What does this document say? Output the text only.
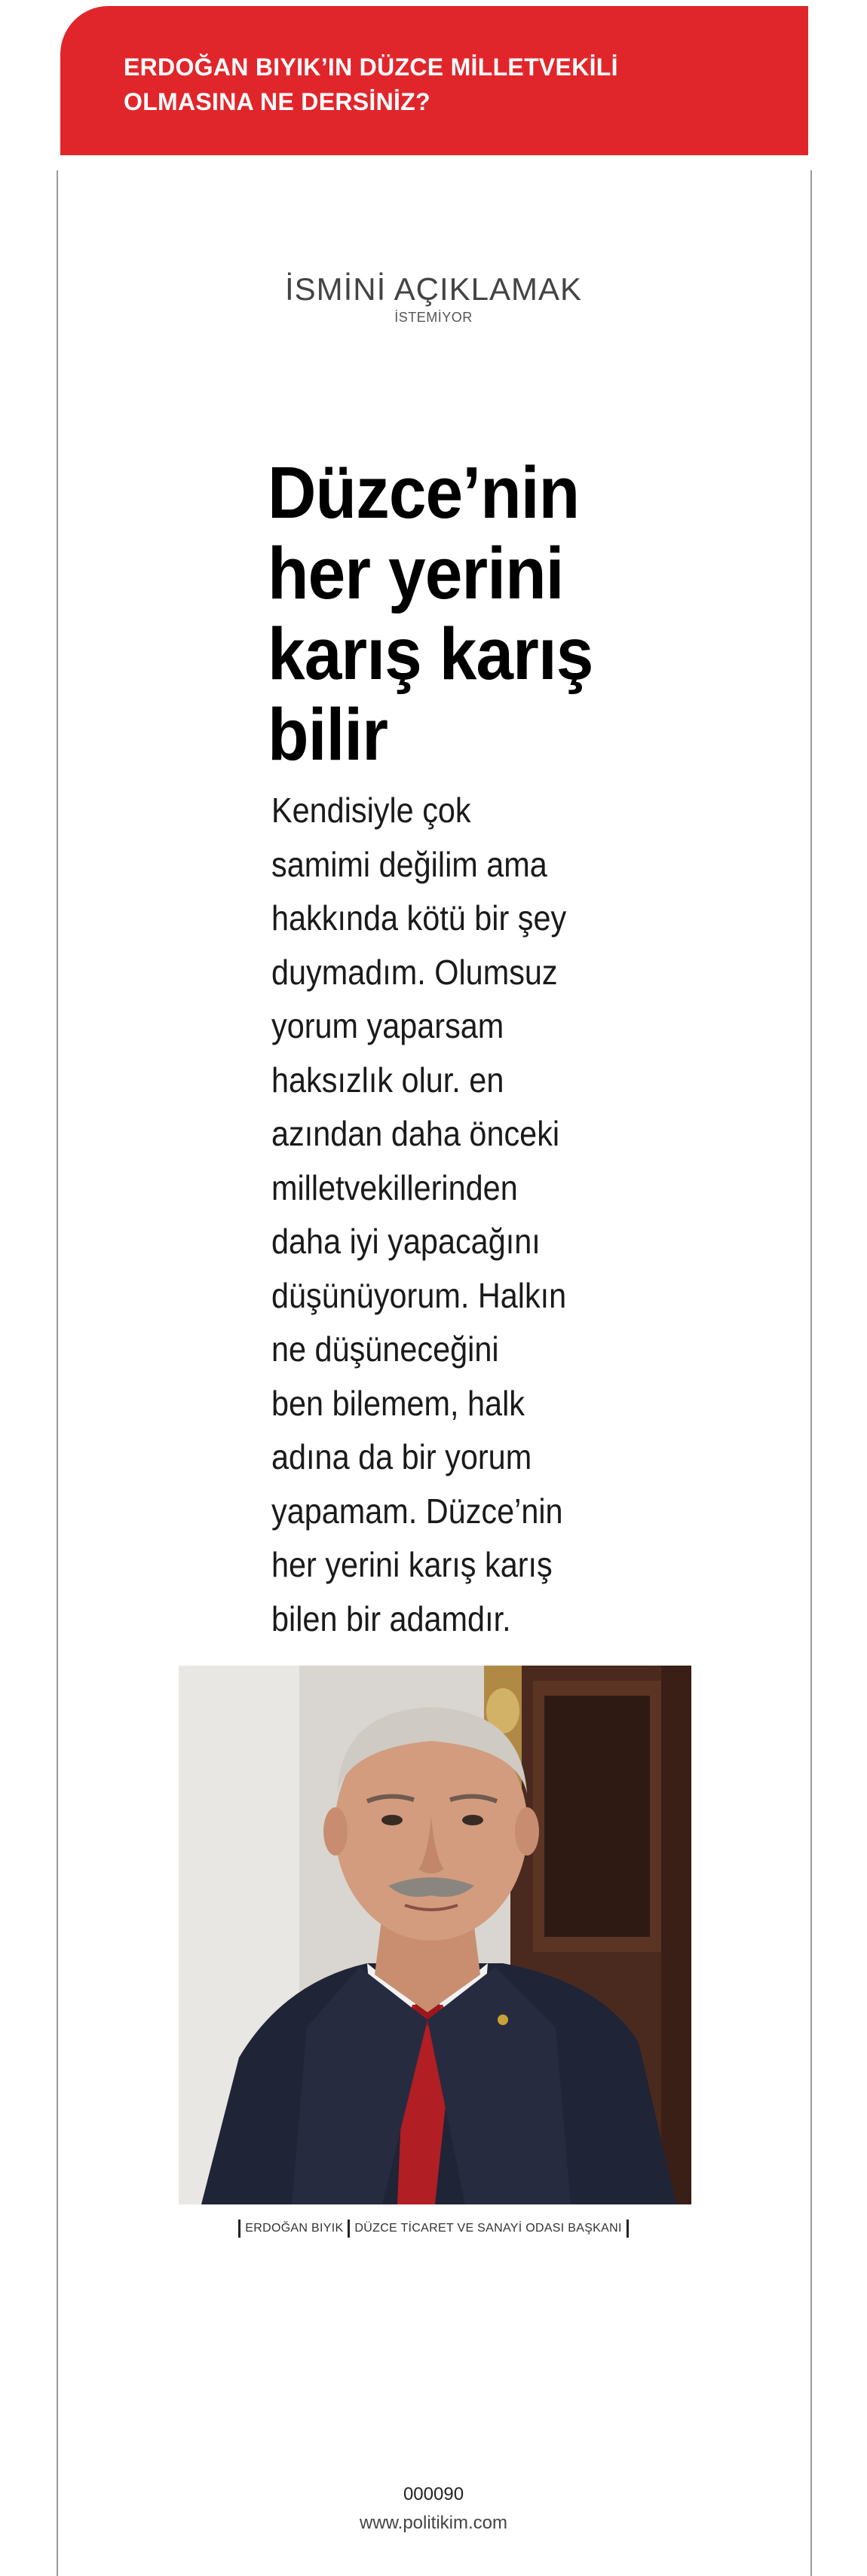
ERDOĞAN BIYIK’IN DÜZCE MİLLETVEKİLİ OLMASINA NE DERSİNİZ?
İSMİNİ AÇIKLAMAK
İSTEMİYOR
Düzce’nin
her yerini
karış karış
bilir
Kendisiyle çok
samimi değilim ama
hakkında kötü bir şey
duymadım. Olumsuz
yorum yaparsam
haksızlık olur. en
azından daha önceki
milletvekillerinden
daha iyi yapacağını
düşünüyorum. Halkın
ne düşüneceğini
ben bilemem, halk
adına da bir yorum
yapamam. Düzce’nin
her yerini karış karış
bilen bir adamdır.
ERDOĞAN BIYIK DÜZCE TİCARET VE SANAYİ ODASI BAŞKANI
000090
www.politikim.com
